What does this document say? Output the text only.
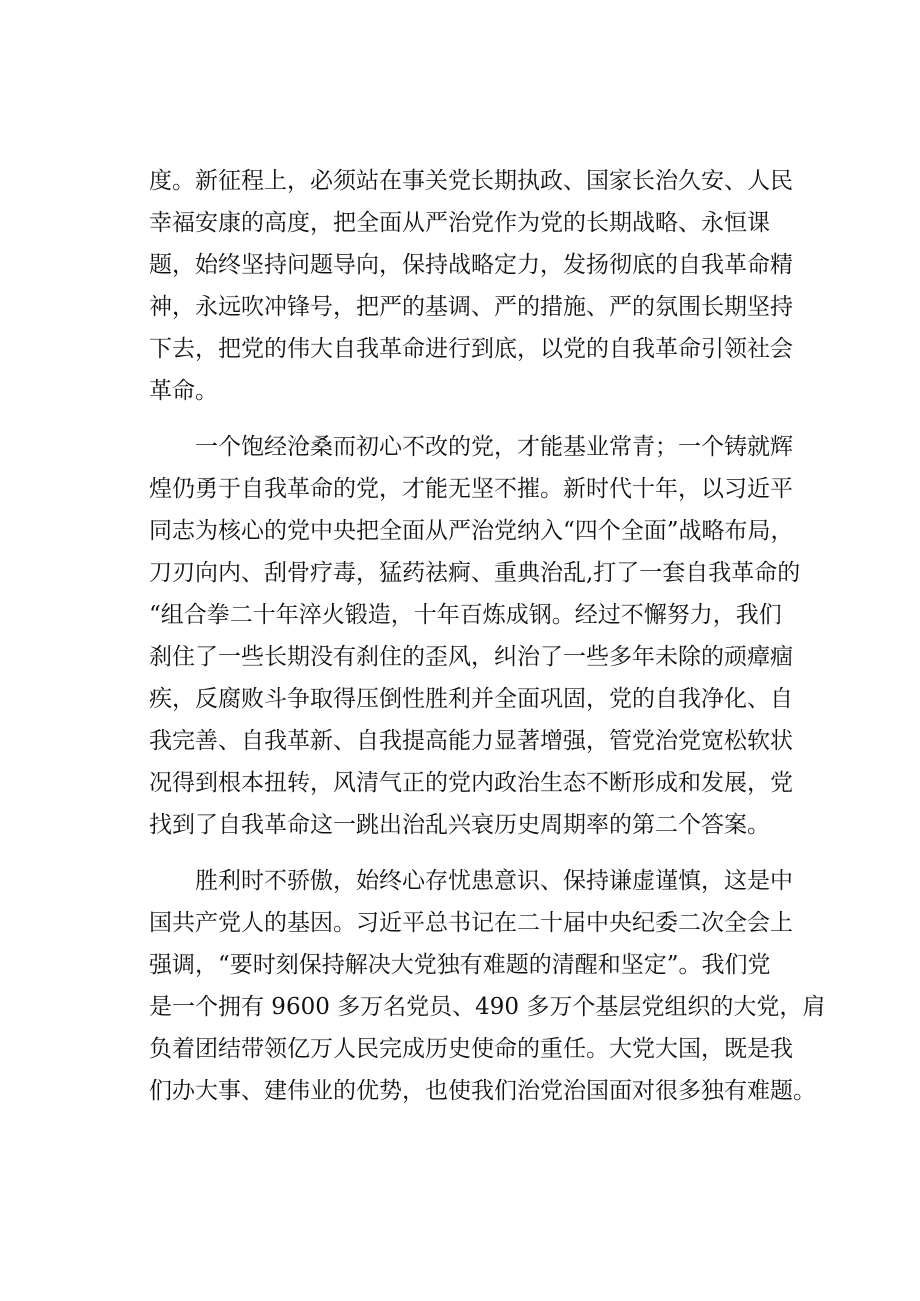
度。新征程上，必须站在事关党长期执政、国家长治久安、人民
幸福安康的高度，把全面从严治党作为党的长期战略、永恒课
题，始终坚持问题导向，保持战略定力，发扬彻底的自我革命精
神，永远吹冲锋号，把严的基调、严的措施、严的氛围长期坚持
下去，把党的伟大自我革命进行到底，以党的自我革命引领社会
革命。
　　一个饱经沧桑而初心不改的党，才能基业常青；一个铸就辉
煌仍勇于自我革命的党，才能无坚不摧。新时代十年，以习近平
同志为核心的党中央把全面从严治党纳入“四个全面”战略布局，
刀刃向内、刮骨疗毒，猛药祛痾、重典治乱,打了一套自我革命的
“组合拳二十年淬火锻造，十年百炼成钢。经过不懈努力，我们
刹住了一些长期没有刹住的歪风，纠治了一些多年未除的顽瘴痼
疾，反腐败斗争取得压倒性胜利并全面巩固，党的自我净化、自
我完善、自我革新、自我提高能力显著增强，管党治党宽松软状
况得到根本扭转，风清气正的党内政治生态不断形成和发展，党
找到了自我革命这一跳出治乱兴衰历史周期率的第二个答案。
　　胜利时不骄傲，始终心存忧患意识、保持谦虚谨慎，这是中
国共产党人的基因。习近平总书记在二十届中央纪委二次全会上
强调，“要时刻保持解决大党独有难题的清醒和坚定”。我们党
是一个拥有 9600 多万名党员、490 多万个基层党组织的大党，肩
负着团结带领亿万人民完成历史使命的重任。大党大国，既是我
们办大事、建伟业的优势，也使我们治党治国面对很多独有难题。
